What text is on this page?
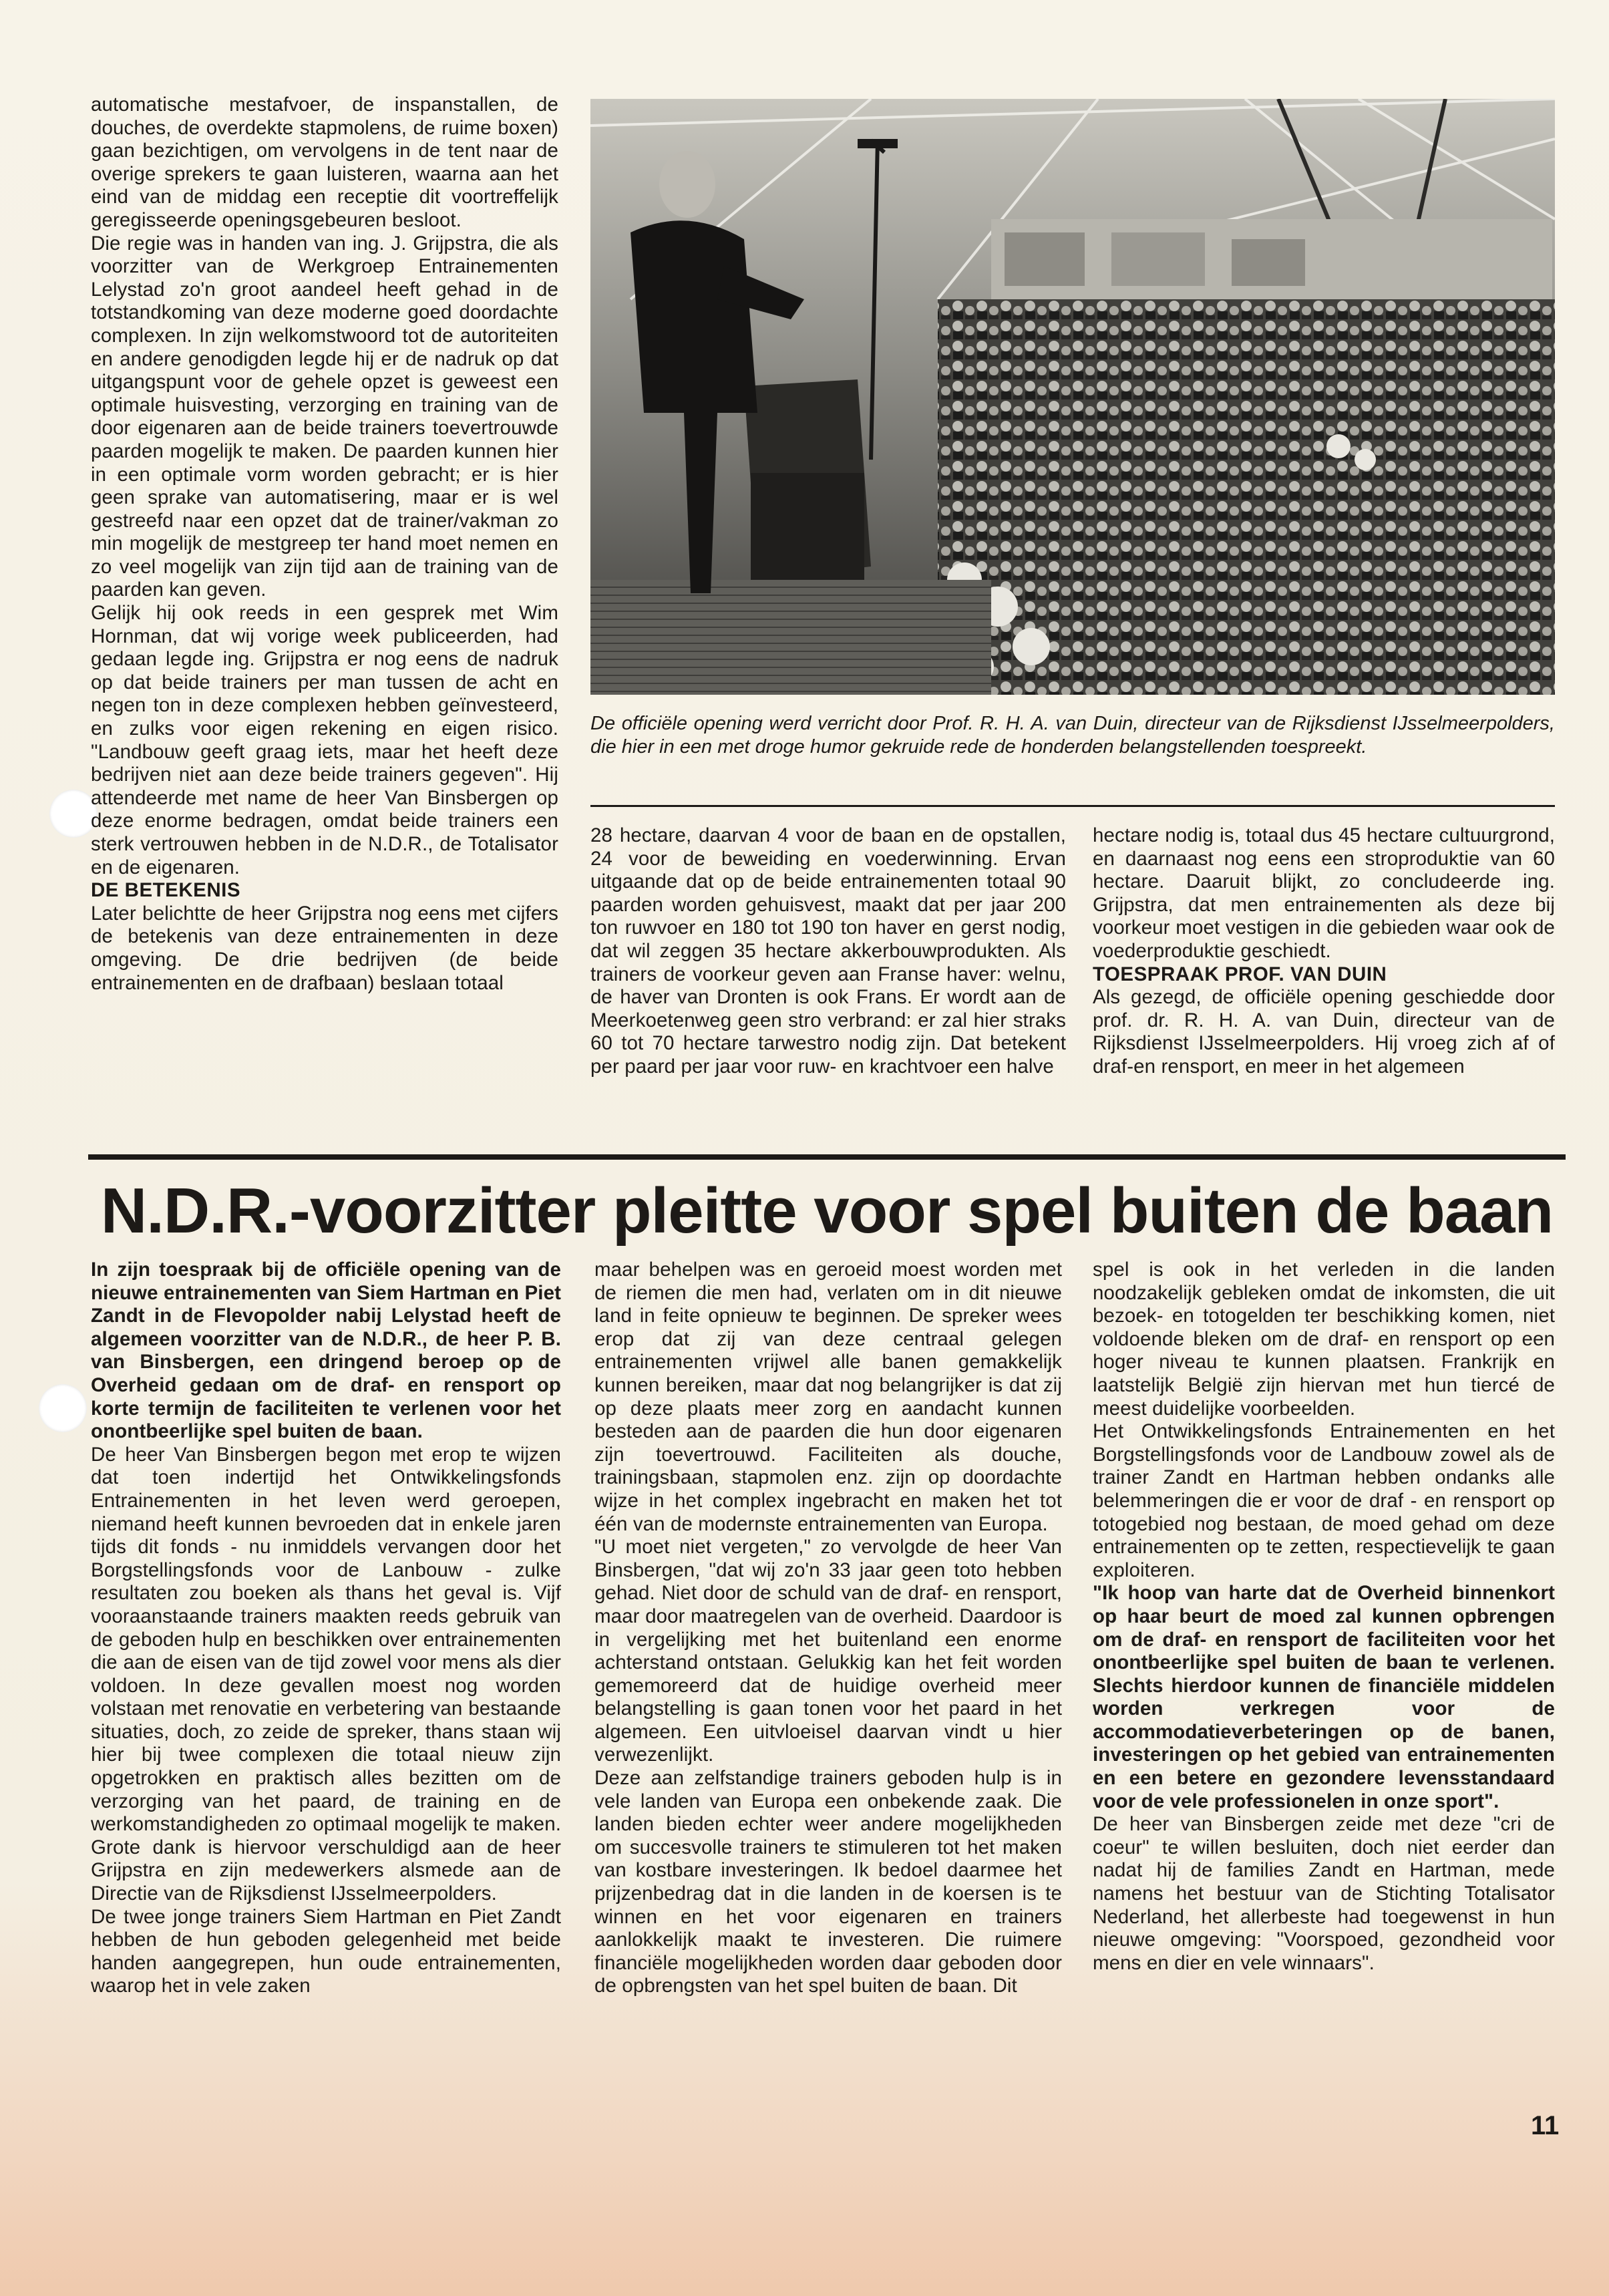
automatische mestafvoer, de inspanstallen, de douches, de overdekte stapmolens, de ruime boxen) gaan bezichtigen, om vervolgens in de tent naar de overige sprekers te gaan luisteren, waarna aan het eind van de middag een receptie dit voortreffelijk geregisseerde openingsgebeuren besloot.

Die regie was in handen van ing. J. Grijpstra, die als voorzitter van de Werkgroep Entrainementen Lelystad zo'n groot aandeel heeft gehad in de totstandkoming van deze moderne goed doordachte complexen. In zijn welkomstwoord tot de autoriteiten en andere genodigden legde hij er de nadruk op dat uitgangspunt voor de gehele opzet is geweest een optimale huisvesting, verzorging en training van de door eigenaren aan de beide trainers toevertrouwde paarden mogelijk te maken. De paarden kunnen hier in een optimale vorm worden gebracht; er is hier geen sprake van automatisering, maar er is wel gestreefd naar een opzet dat de trainer/vakman zo min mogelijk de mestgreep ter hand moet nemen en zo veel mogelijk van zijn tijd aan de training van de paarden kan geven.

Gelijk hij ook reeds in een gesprek met Wim Hornman, dat wij vorige week publiceerden, had gedaan legde ing. Grijpstra er nog eens de nadruk op dat beide trainers per man tussen de acht en negen ton in deze complexen hebben geïnvesteerd, en zulks voor eigen rekening en eigen risico. "Landbouw geeft graag iets, maar het heeft deze bedrijven niet aan deze beide trainers gegeven". Hij attendeerde met name de heer Van Binsbergen op deze enorme bedragen, omdat beide trainers een sterk vertrouwen hebben in de N.D.R., de Totalisator en de eigenaren.

DE BETEKENIS

Later belichtte de heer Grijpstra nog eens met cijfers de betekenis van deze entrainementen in deze omgeving. De drie bedrijven (de beide entrainementen en de drafbaan) beslaan totaal

De officiële opening werd verricht door Prof. R. H. A. van Duin, directeur van de Rijksdienst IJsselmeerpolders, die hier in een met droge humor gekruide rede de honderden belangstellenden toespreekt.

28 hectare, daarvan 4 voor de baan en de opstallen, 24 voor de beweiding en voederwinning. Ervan uitgaande dat op de beide entrainementen totaal 90 paarden worden gehuisvest, maakt dat per jaar 200 ton ruwvoer en 180 tot 190 ton haver en gerst nodig, dat wil zeggen 35 hectare akkerbouwprodukten. Als trainers de voorkeur geven aan Franse haver: welnu, de haver van Dronten is ook Frans. Er wordt aan de Meerkoetenweg geen stro verbrand: er zal hier straks 60 tot 70 hectare tarwestro nodig zijn. Dat betekent per paard per jaar voor ruw- en krachtvoer een halve

hectare nodig is, totaal dus 45 hectare cultuurgrond, en daarnaast nog eens een stroproduktie van 60 hectare. Daaruit blijkt, zo concludeerde ing. Grijpstra, dat men entrainementen als deze bij voorkeur moet vestigen in die gebieden waar ook de voederproduktie geschiedt.

TOESPRAAK PROF. VAN DUIN

Als gezegd, de officiële opening geschiedde door prof. dr. R. H. A. van Duin, directeur van de Rijksdienst IJsselmeerpolders. Hij vroeg zich af of draf-en rensport, en meer in het algemeen

N.D.R.-voorzitter pleitte voor spel buiten de baan

In zijn toespraak bij de officiële opening van de nieuwe entrainementen van Siem Hartman en Piet Zandt in de Flevopolder nabij Lelystad heeft de algemeen voorzitter van de N.D.R., de heer P. B. van Binsbergen, een dringend beroep op de Overheid gedaan om de draf- en rensport op korte termijn de faciliteiten te verlenen voor het onontbeerlijke spel buiten de baan.

De heer Van Binsbergen begon met erop te wijzen dat toen indertijd het Ontwikkelingsfonds Entrainementen in het leven werd geroepen, niemand heeft kunnen bevroeden dat in enkele jaren tijds dit fonds - nu inmiddels vervangen door het Borgstellingsfonds voor de Lanbouw - zulke resultaten zou boeken als thans het geval is. Vijf vooraanstaande trainers maakten reeds gebruik van de geboden hulp en beschikken over entrainementen die aan de eisen van de tijd zowel voor mens als dier voldoen. In deze gevallen moest nog worden volstaan met renovatie en verbetering van bestaande situaties, doch, zo zeide de spreker, thans staan wij hier bij twee complexen die totaal nieuw zijn opgetrokken en praktisch alles bezitten om de verzorging van het paard, de training en de werkomstandigheden zo optimaal mogelijk te maken. Grote dank is hiervoor verschuldigd aan de heer Grijpstra en zijn medewerkers alsmede aan de Directie van de Rijksdienst IJsselmeerpolders.

De twee jonge trainers Siem Hartman en Piet Zandt hebben de hun geboden gelegenheid met beide handen aangegrepen, hun oude entrainementen, waarop het in vele zaken

maar behelpen was en geroeid moest worden met de riemen die men had, verlaten om in dit nieuwe land in feite opnieuw te beginnen. De spreker wees erop dat zij van deze centraal gelegen entrainementen vrijwel alle banen gemakkelijk kunnen bereiken, maar dat nog belangrijker is dat zij op deze plaats meer zorg en aandacht kunnen besteden aan de paarden die hun door eigenaren zijn toevertrouwd. Faciliteiten als douche, trainingsbaan, stapmolen enz. zijn op doordachte wijze in het complex ingebracht en maken het tot één van de modernste entrainementen van Europa.

"U moet niet vergeten," zo vervolgde de heer Van Binsbergen, "dat wij zo'n 33 jaar geen toto hebben gehad. Niet door de schuld van de draf- en rensport, maar door maatregelen van de overheid. Daardoor is in vergelijking met het buitenland een enorme achterstand ontstaan. Gelukkig kan het feit worden gememoreerd dat de huidige overheid meer belangstelling is gaan tonen voor het paard in het algemeen. Een uitvloeisel daarvan vindt u hier verwezenlijkt.

Deze aan zelfstandige trainers geboden hulp is in vele landen van Europa een onbekende zaak. Die landen bieden echter weer andere mogelijkheden om succesvolle trainers te stimuleren tot het maken van kostbare investeringen. Ik bedoel daarmee het prijzenbedrag dat in die landen in de koersen is te winnen en het voor eigenaren en trainers aanlokkelijk maakt te investeren. Die ruimere financiële mogelijkheden worden daar geboden door de opbrengsten van het spel buiten de baan. Dit

spel is ook in het verleden in die landen noodzakelijk gebleken omdat de inkomsten, die uit bezoek- en totogelden ter beschikking komen, niet voldoende bleken om de draf- en rensport op een hoger niveau te kunnen plaatsen. Frankrijk en laatstelijk België zijn hiervan met hun tiercé de meest duidelijke voorbeelden.

Het Ontwikkelingsfonds Entrainementen en het Borgstellingsfonds voor de Landbouw zowel als de trainer Zandt en Hartman hebben ondanks alle belemmeringen die er voor de draf - en rensport op totogebied nog bestaan, de moed gehad om deze entrainementen op te zetten, respectievelijk te gaan exploiteren.

"Ik hoop van harte dat de Overheid binnenkort op haar beurt de moed zal kunnen opbrengen om de draf- en rensport de faciliteiten voor het onontbeerlijke spel buiten de baan te verlenen. Slechts hierdoor kunnen de financiële middelen worden verkregen voor de accommodatieverbeteringen op de banen, investeringen op het gebied van entrainementen en een betere en gezondere levensstandaard voor de vele professionelen in onze sport".

De heer van Binsbergen zeide met deze "cri de coeur" te willen besluiten, doch niet eerder dan nadat hij de families Zandt en Hartman, mede namens het bestuur van de Stichting Totalisator Nederland, het allerbeste had toegewenst in hun nieuwe omgeving: "Voorspoed, gezondheid voor mens en dier en vele winnaars".

11
